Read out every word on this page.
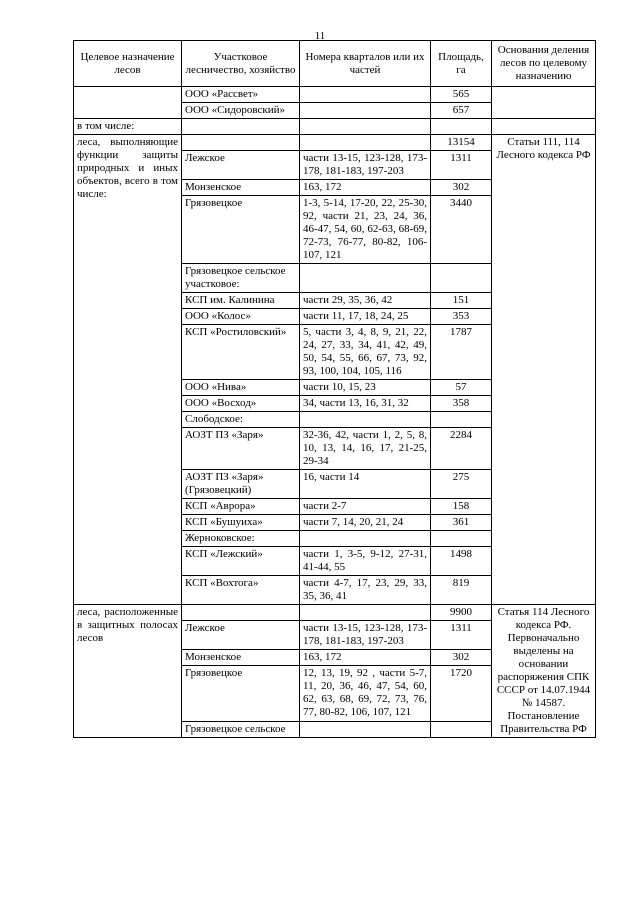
11
Целевое назначение лесов	Участковое лесничество, хозяйство	Номера кварталов или их частей	Площадь, га	Основания деления лесов по целевому назначению
	ООО «Рассвет»		565	
	ООО «Сидоровский»		657	
в том числе:				
леса, выполняющие функции защиты природных и иных объектов, всего в том числе:			13154	Статьи 111, 114 Лесного кодекса РФ
	Лежское	части 13-15, 123-128, 173-178, 181-183, 197-203	1311	
	Монзенское	163, 172	302	
	Грязовецкое	1-3, 5-14, 17-20, 22, 25-30, 92, части 21, 23, 24, 36, 46-47, 54, 60, 62-63, 68-69, 72-73, 76-77, 80-82, 106-107, 121	3440	
	Грязовецкое сельское участковое:			
	КСП им. Калинина	части 29, 35, 36, 42	151	
	ООО «Колос»	части 11, 17, 18, 24, 25	353	
	КСП «Ростиловский»	5, части 3, 4, 8, 9, 21, 22, 24, 27, 33, 34, 41, 42, 49, 50, 54, 55, 66, 67, 73, 92, 93, 100, 104, 105, 116	1787	
	ООО «Нива»	части 10, 15, 23	57	
	ООО «Восход»	34, части 13, 16, 31, 32	358	
	Слободское:			
	АОЗТ ПЗ «Заря»	32-36, 42, части 1, 2, 5, 8, 10, 13, 14, 16, 17, 21-25, 29-34	2284	
	АОЗТ ПЗ «Заря» (Грязовецкий)	16, части 14	275	
	КСП «Аврора»	части 2-7	158	
	КСП «Бушуиха»	части 7, 14, 20, 21, 24	361	
	Жерноковское:			
	КСП «Лежский»	части 1, 3-5, 9-12, 27-31, 41-44, 55	1498	
	КСП «Вохтога»	части 4-7, 17, 23, 29, 33, 35, 36, 41	819	
леса, расположенные в защитных полосах лесов			9900	Статья 114 Лесного кодекса РФ. Первоначально выделены на основании распоряжения СПК СССР от 14.07.1944 № 14587. Постановление Правительства РФ
	Лежское	части 13-15, 123-128, 173-178, 181-183, 197-203	1311	
	Монзенское	163, 172	302	
	Грязовецкое	12, 13, 19, 92 , части 5-7, 11, 20, 36, 46, 47, 54, 60, 62, 63, 68, 69, 72, 73, 76, 77, 80-82, 106, 107, 121	1720	
	Грязовецкое сельское			
